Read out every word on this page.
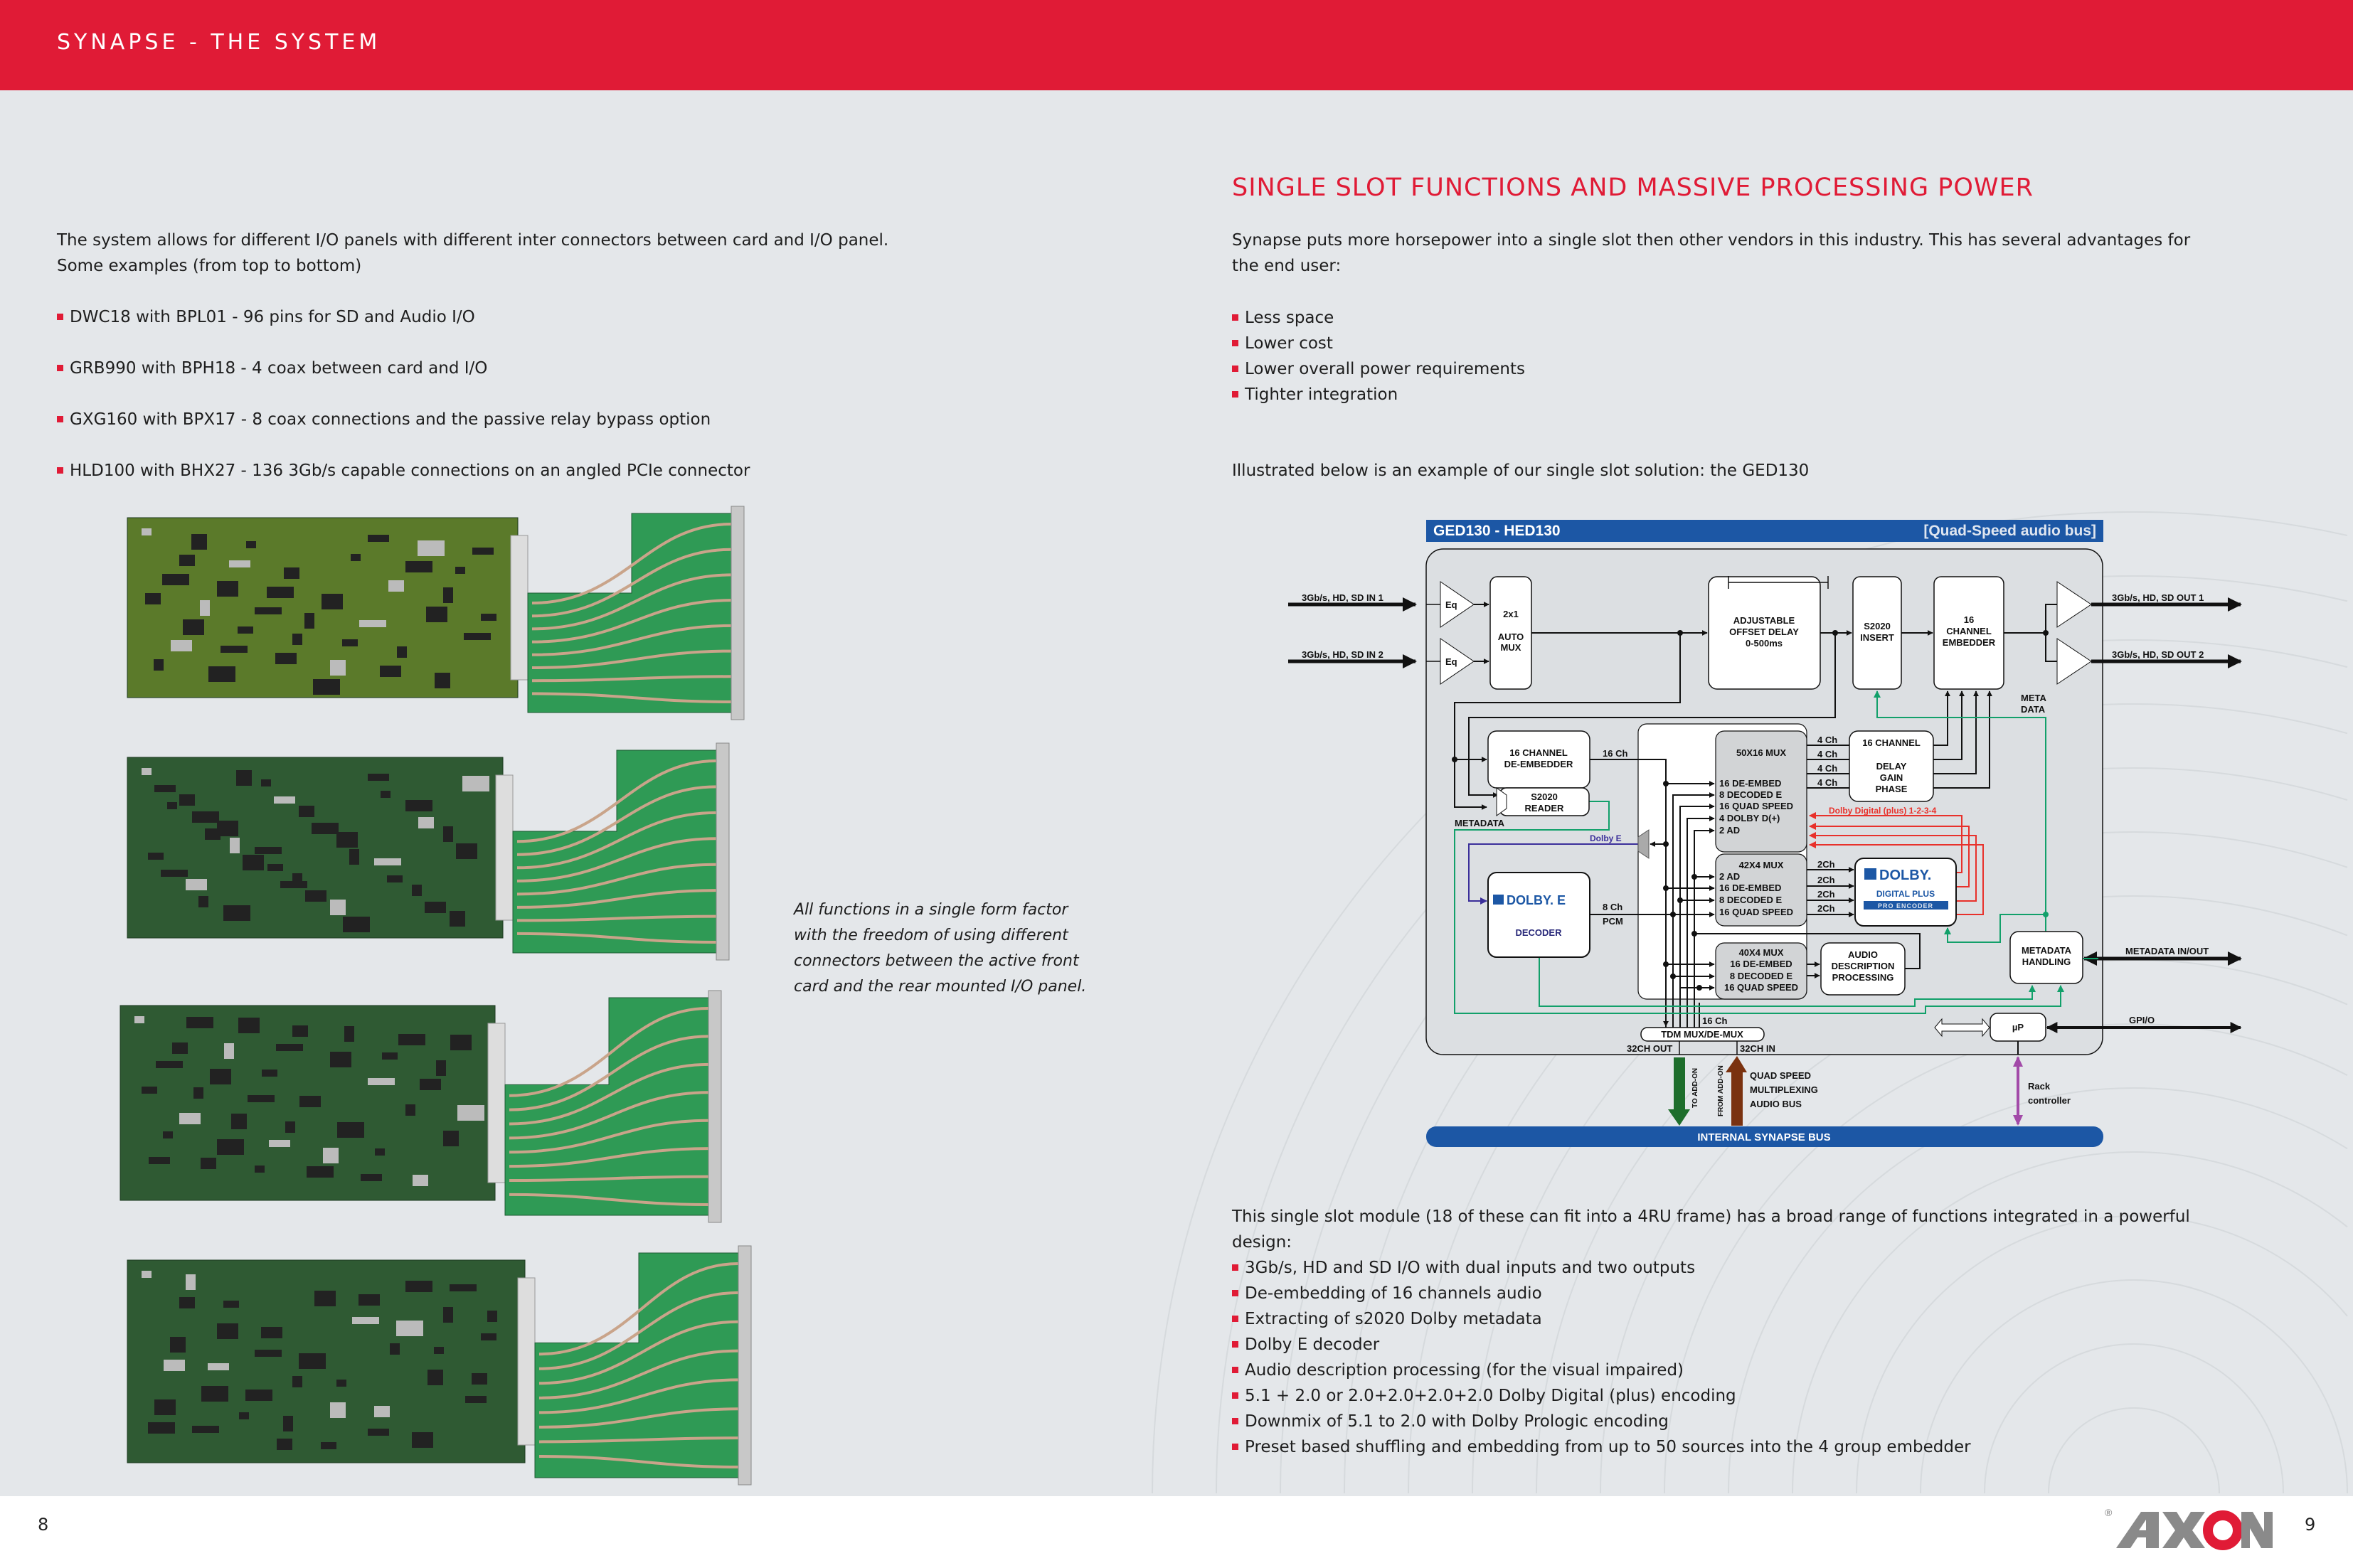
SYNAPSE - THE SYSTEM
The system allows for different I/O panels with different inter connectors between card and I/O panel.
Some examples (from top to bottom)
DWC18 with BPL01 - 96 pins for SD and Audio I/O
GRB990 with BPH18 - 4 coax between card and I/O
GXG160 with BPX17 - 8 coax connections and the passive relay bypass option
HLD100 with BHX27 - 136 3Gb/s capable connections on an angled PCIe connector
All functions in a single form factor
with the freedom of using different
connectors between the active front
card and the rear mounted I/O panel.
SINGLE SLOT FUNCTIONS AND MASSIVE PROCESSING POWER
Synapse puts more horsepower into a single slot then other vendors in this industry. This has several advantages for
the end user:
Less space
Lower cost
Lower overall power requirements
Tighter integration
Illustrated below is an example of our single slot solution: the GED130
This single slot module (18 of these can fit into a 4RU frame) has a broad range of functions integrated in a powerful
design:
3Gb/s, HD and SD I/O with dual inputs and two outputs
De-embedding of 16 channels audio
Extracting of s2020 Dolby metadata
Dolby E decoder
Audio description processing (for the visual impaired)
5.1 + 2.0 or 2.0+2.0+2.0+2.0 Dolby Digital (plus) encoding
Downmix of 5.1 to 2.0 with Dolby Prologic encoding
Preset based shuffling and embedding from up to 50 sources into the 4 group embedder
GED130 - HED130	[Quad-Speed audio bus]
INTERNAL SYNAPSE BUS
3Gb/s, HD, SD IN 1
3Gb/s, HD, SD IN 2
3Gb/s, HD, SD OUT 1
3Gb/s, HD, SD OUT 2
Eq
Eq
2x1
AUTO
MUX
ADJUSTABLE
OFFSET DELAY
0-500ms
S2020
INSERT
16
CHANNEL
EMBEDDER
META
DATA
16 CHANNEL
DE-EMBEDDER
S2020
READER
METADATA
16 Ch	50X16 MUX
16 DE-EMBED
8 DECODED E
16 QUAD SPEED
4 DOLBY D(+)
2 AD
42X4 MUX
2 AD
16 DE-EMBED
8 DECODED E
16 QUAD SPEED
40X4 MUX
16 DE-EMBED
8 DECODED E
16 QUAD SPEED
4 Ch
4 Ch
4 Ch
4 Ch
16 CHANNEL
DELAY
GAIN
PHASE
Dolby Digital (plus) 1-2-3-4
2Ch
2Ch
2Ch
2Ch
Dolby E
DOLBY. E
DECODER
8 Ch
PCM
DOLBY.
DIGITAL PLUS
PRO ENCODER
AUDIO
DESCRIPTION
PROCESSING
METADATA
HANDLING
METADATA IN/OUT
GPI/O
µP
TDM MUX/DE-MUX
16 Ch
32CH OUT	32CH IN
TO ADD-ON	FROM ADD-ON	QUAD SPEED
MULTIPLEXING
AUDIO BUS
Rack
controller
8	9
®
